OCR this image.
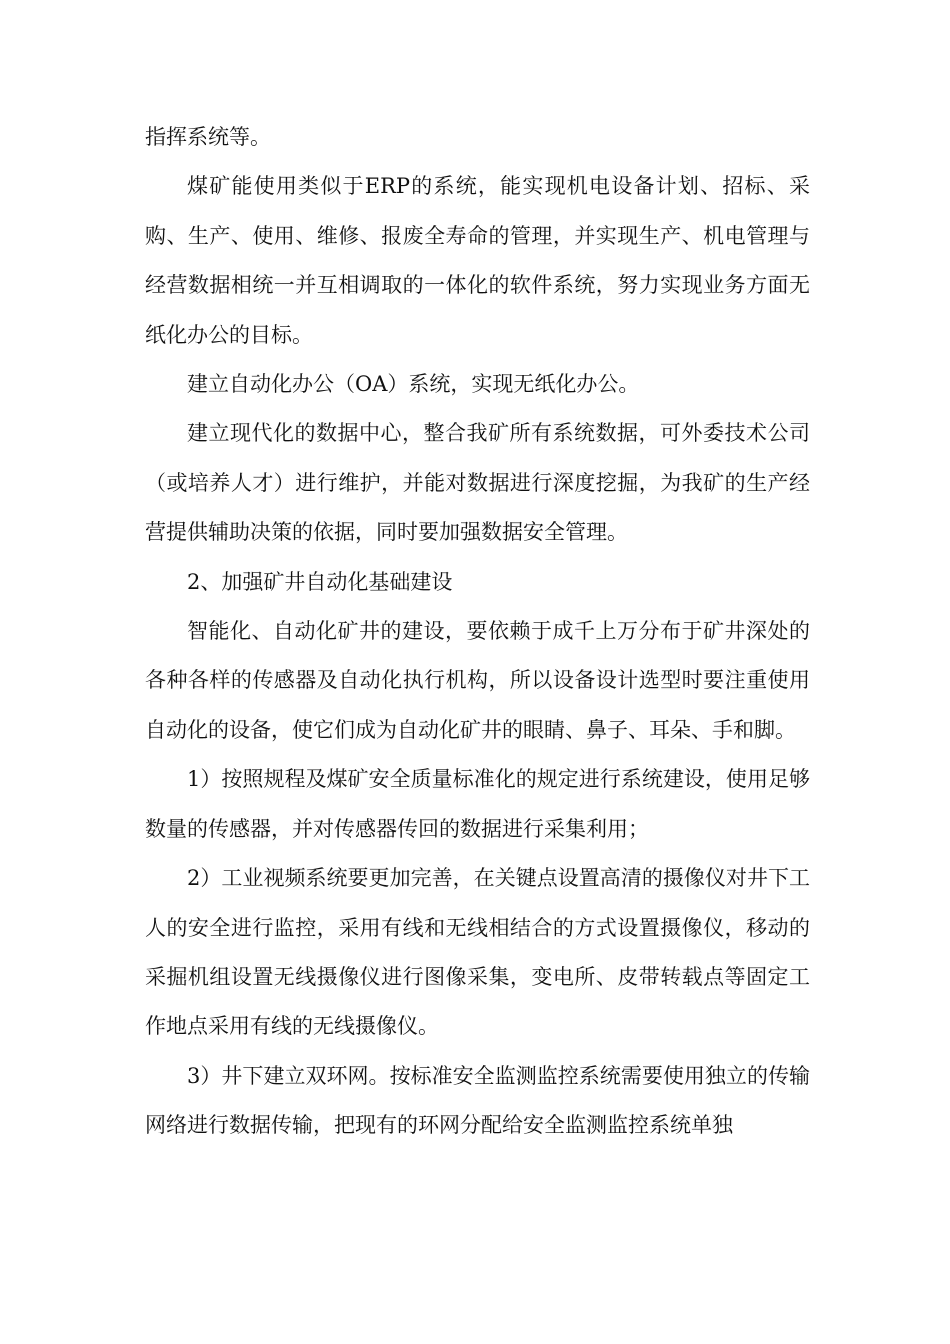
指挥系统等。

煤矿能使用类似于ERP的系统，能实现机电设备计划、招标、采购、生产、使用、维修、报废全寿命的管理，并实现生产、机电管理与经营数据相统一并互相调取的一体化的软件系统，努力实现业务方面无纸化办公的目标。

建立自动化办公（OA）系统，实现无纸化办公。

建立现代化的数据中心，整合我矿所有系统数据，可外委技术公司（或培养人才）进行维护，并能对数据进行深度挖掘，为我矿的生产经营提供辅助决策的依据，同时要加强数据安全管理。

2、加强矿井自动化基础建设

智能化、自动化矿井的建设，要依赖于成千上万分布于矿井深处的各种各样的传感器及自动化执行机构，所以设备设计选型时要注重使用自动化的设备，使它们成为自动化矿井的眼睛、鼻子、耳朵、手和脚。

1）按照规程及煤矿安全质量标准化的规定进行系统建设，使用足够数量的传感器，并对传感器传回的数据进行采集利用；

2）工业视频系统要更加完善，在关键点设置高清的摄像仪对井下工人的安全进行监控，采用有线和无线相结合的方式设置摄像仪，移动的采掘机组设置无线摄像仪进行图像采集，变电所、皮带转载点等固定工作地点采用有线的无线摄像仪。

3）井下建立双环网。按标准安全监测监控系统需要使用独立的传输网络进行数据传输，把现有的环网分配给安全监测监控系统单独
